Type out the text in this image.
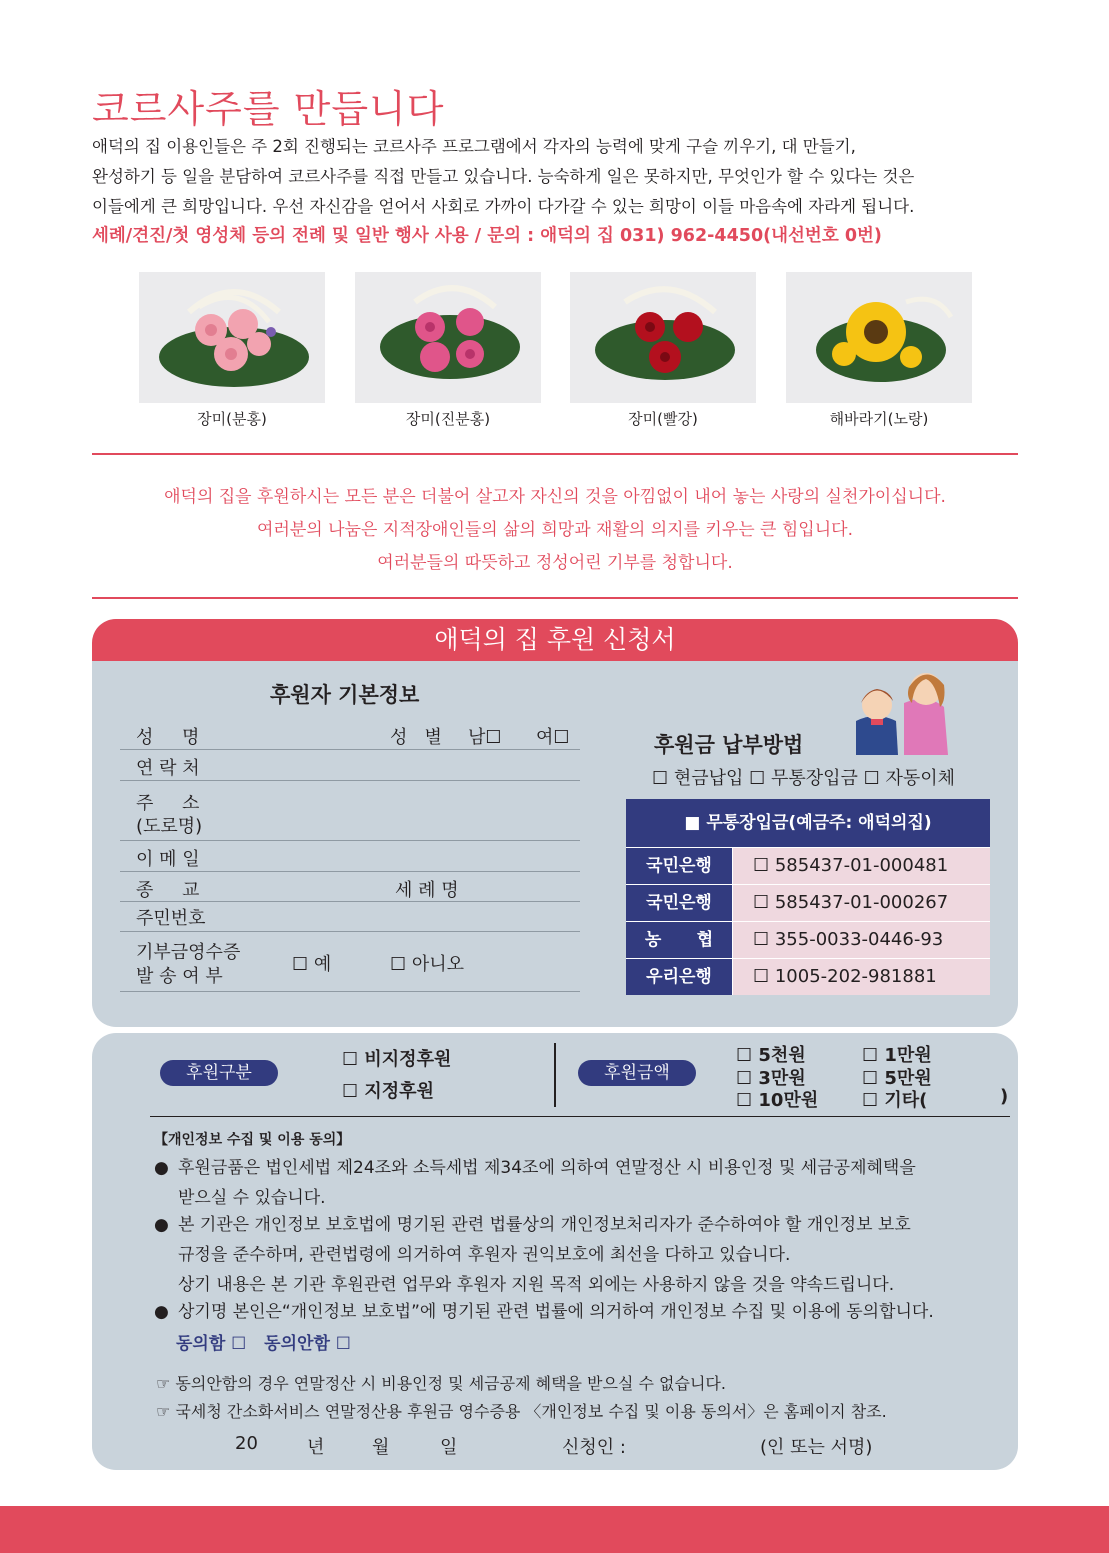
코르사주를 만듭니다
애덕의 집 이용인들은 주 2회 진행되는 코르사주 프로그램에서 각자의 능력에 맞게 구슬 끼우기, 대 만들기,
완성하기 등 일을 분담하여 코르사주를 직접 만들고 있습니다. 능숙하게 일은 못하지만, 무엇인가 할 수 있다는 것은
이들에게 큰 희망입니다. 우선 자신감을 얻어서 사회로 가까이 다가갈 수 있는 희망이 이들 마음속에 자라게 됩니다.
세례/견진/첫 영성체 등의 전례 및 일반 행사 사용 / 문의 : 애덕의 집 031) 962-4450(내선번호 0번)
장미(분홍)	장미(진분홍)	장미(빨강)	해바라기(노랑)
애덕의 집을 후원하시는 모든 분은 더불어 살고자 자신의 것을 아낌없이 내어 놓는 사랑의 실천가이십니다.
여러분의 나눔은 지적장애인들의 삶의 희망과 재활의 의지를 키우는 큰 힘입니다.
여러분들의 따뜻하고 정성어린 기부를 청합니다.
애덕의 집 후원 신청서
후원자 기본정보
성     명	성   별 남☐ 여☐
연 락 처
주     소
(도로명)
이 메 일
종     교	세 례 명
주민번호
기부금영수증
발 송 여 부
☐ 예	☐ 아니오
후원금 납부방법
☐ 현금납입 ☐ 무통장입금 ☐ 자동이체
■ 무통장입금(예금주: 애덕의집)
국민은행	☐ 585437-01-000481
국민은행	☐ 585437-01-000267
농      협	☐ 355-0033-0446-93
우리은행	☐ 1005-202-981881
후원구분
☐ 비지정후원
☐ 지정후원
후원금액
☐ 5천원	☐ 1만원
☐ 3만원	☐ 5만원
☐ 10만원 ☐ 기타(	)
【개인정보 수집 및 이용 동의】
● 후원금품은 법인세법 제24조와 소득세법 제34조에 의하여 연말정산 시 비용인정 및 세금공제혜택을
받으실 수 있습니다.
● 본 기관은 개인정보 보호법에 명기된 관련 법률상의 개인정보처리자가 준수하여야 할 개인정보 보호
규정을 준수하며, 관련법령에 의거하여 후원자 권익보호에 최선을 다하고 있습니다.
상기 내용은 본 기관 후원관련 업무와 후원자 지원 목적 외에는 사용하지 않을 것을 약속드립니다.
● 상기명 본인은“개인정보 보호법”에 명기된 관련 법률에 의거하여 개인정보 수집 및 이용에 동의합니다.
동의함 ☐   동의안함 ☐
☞ 동의안함의 경우 연말정산 시 비용인정 및 세금공제 혜택을 받으실 수 없습니다.
☞ 국세청 간소화서비스 연말정산용 후원금 영수증용 〈개인정보 수집 및 이용 동의서〉은 홈페이지 참조.
20	년	월	일	신청인 :	(인 또는 서명)
